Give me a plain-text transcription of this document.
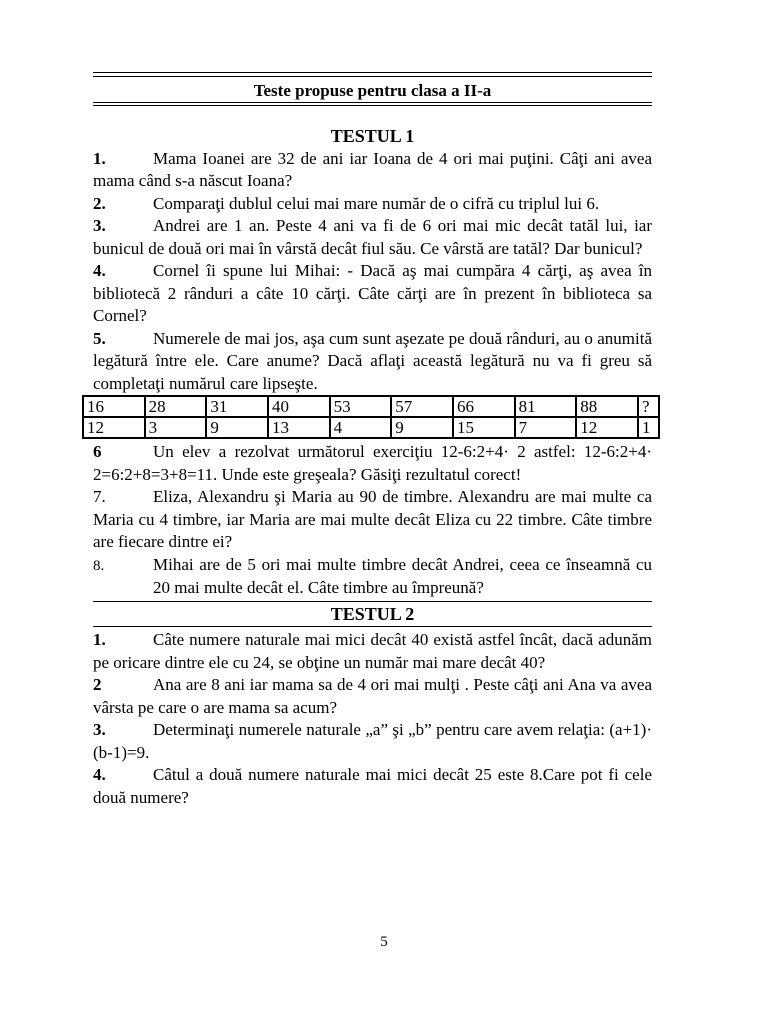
Teste propuse pentru clasa a II-a
TESTUL 1
1.	Mama Ioanei are 32 de ani iar Ioana de 4 ori mai puţini. Câţi ani avea mama când s-a născut Ioana?
2.	Comparaţi dublul celui mai mare număr de o cifră cu triplul lui 6.
3.	Andrei are 1 an. Peste 4 ani va fi de 6 ori mai mic decât tatăl lui, iar bunicul de două ori mai în vârstă decât fiul său. Ce vârstă are tatăl? Dar bunicul?
4.	Cornel îi spune lui Mihai: - Dacă aş mai cumpăra 4 cărţi, aş avea în bibliotecă 2 rânduri a câte 10 cărţi. Câte cărţi are în prezent în biblioteca sa Cornel?
5.	Numerele de mai jos, aşa cum sunt aşezate pe două rânduri, au o anumită legătură între ele. Care anume? Dacă aflaţi această legătură nu va fi greu să completaţi numărul care lipseşte.
16	28	31	40	53	57	66	81	88	?
12	3	9	13	4	9	15	7	12	1
6	Un elev a rezolvat următorul exerciţiu 12-6:2+4· 2 astfel: 12-6:2+4· 2=6:2+8=3+8=11. Unde este greşeala? Găsiţi rezultatul corect!
7.	Eliza, Alexandru şi Maria au 90 de timbre. Alexandru are mai multe ca Maria cu 4 timbre, iar Maria are mai multe decât Eliza cu 22 timbre. Câte timbre are fiecare dintre ei?
8.	Mihai are de 5 ori mai multe timbre decât Andrei, ceea ce înseamnă cu 20 mai multe decât el. Câte timbre au împreună?
TESTUL 2
1.	Câte numere naturale mai mici decât 40 există astfel încât, dacă adunăm pe oricare dintre ele cu 24, se obţine un număr mai mare decât 40?
2	Ana are 8 ani iar mama sa de 4 ori mai mulţi . Peste câţi ani Ana va avea vârsta pe care o are mama sa acum?
3.	Determinaţi numerele naturale „a” şi „b” pentru care avem relaţia: (a+1)· (b-1)=9.
4.	Câtul a două numere naturale mai mici decât 25 este 8.Care pot fi cele două numere?
5
